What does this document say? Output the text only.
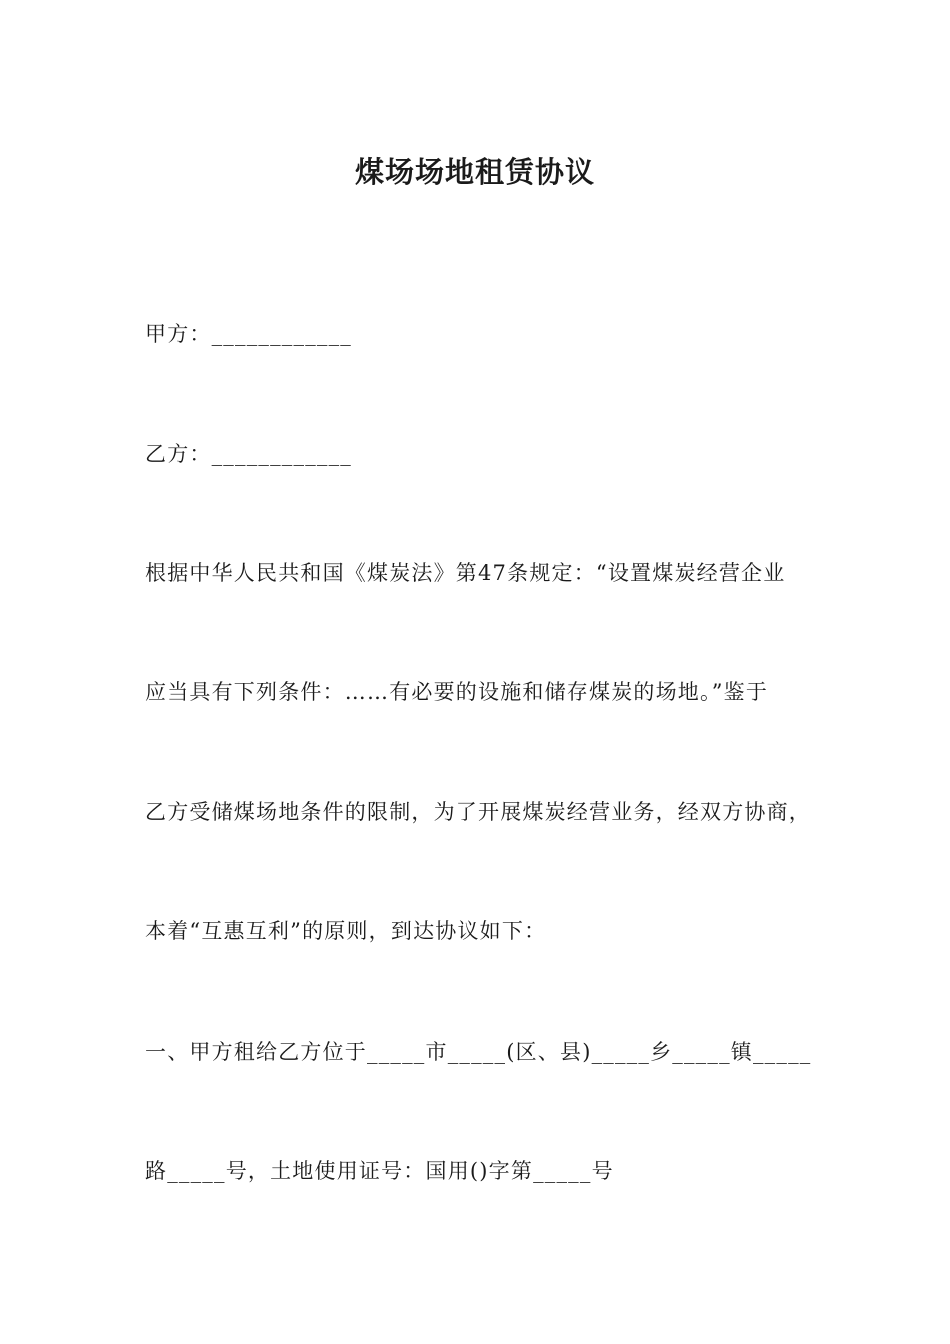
煤场场地租赁协议
甲方：____________
乙方：____________
根据中华人民共和国《煤炭法》第47条规定：“设置煤炭经营企业
应当具有下列条件：……有必要的设施和储存煤炭的场地。”鉴于
乙方受储煤场地条件的限制，为了开展煤炭经营业务，经双方协商，
本着“互惠互利”的原则，到达协议如下：
一、甲方租给乙方位于_____市_____(区、县)_____乡_____镇_____
路_____号，土地使用证号：国用()字第_____号
